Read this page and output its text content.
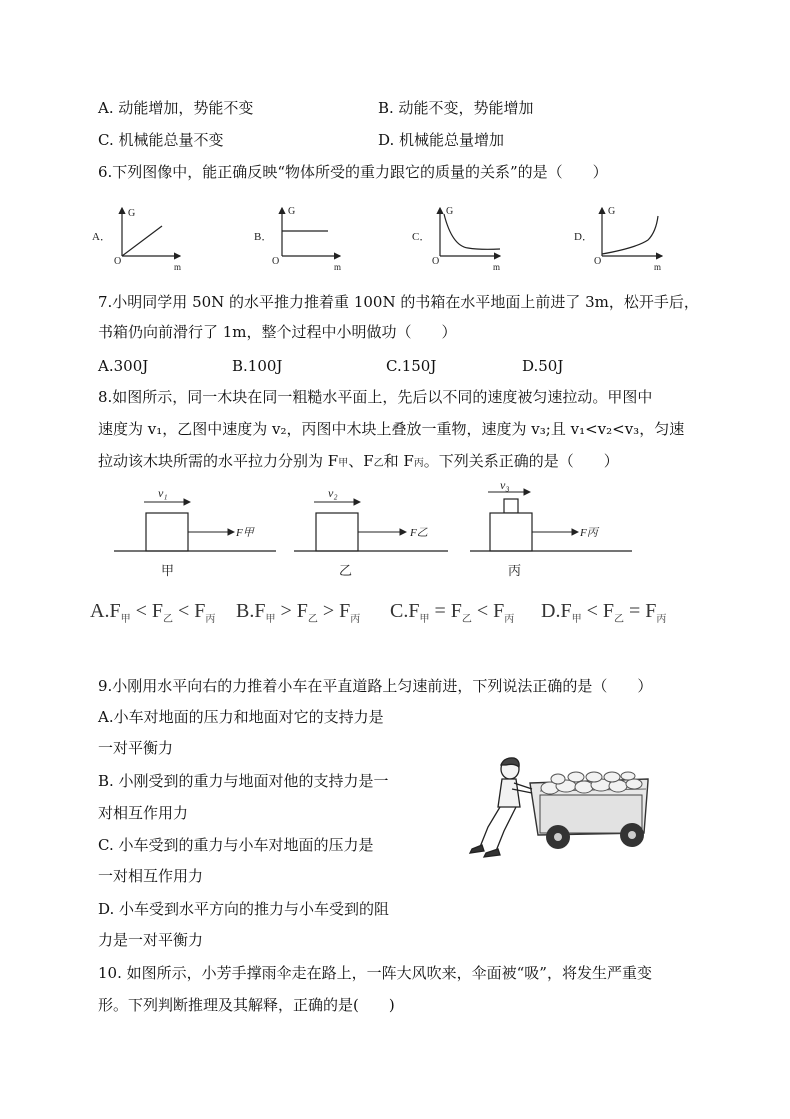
A. 动能增加，势能不变	B. 动能不变，势能增加
C. 机械能总量不变	D. 机械能总量增加
6.下列图像中，能正确反映“物体所受的重力跟它的质量的关系”的是（　　）
A．
G
O	m
B．
G
O	m
C．
G
O	m
D．
G
O	m
7.小明同学用 50N 的水平推力推着重 100N 的书箱在水平地面上前进了 3m，松开手后，
书箱仍向前滑行了 1m，整个过程中小明做功（　　）
A.300J	B.100J	C.150J	D.50J
8.如图所示，同一木块在同一粗糙水平面上，先后以不同的速度被匀速拉动。甲图中
速度为 v₁，乙图中速度为 v₂，丙图中木块上叠放一重物，速度为 v₃;且 v₁<v₂<v₃，匀速
拉动该木块所需的水平拉力分别为 F甲、F乙和 F丙。下列关系正确的是（　　）
v₁
F甲
甲
v₂
F乙
乙
v₃
F丙
丙
$A.F_甲 < F_乙 < F_丙$ $B.F_甲 > F_乙 > F_丙$ $C.F_甲 = F_乙 < F_丙$ $D.F_甲 < F_乙 = F_丙$
9.小刚用水平向右的力推着小车在平直道路上匀速前进，下列说法正确的是（　　）
A.小车对地面的压力和地面对它的支持力是
一对平衡力
B. 小刚受到的重力与地面对他的支持力是一
对相互作用力
C. 小车受到的重力与小车对地面的压力是
一对相互作用力
D. 小车受到水平方向的推力与小车受到的阻
力是一对平衡力
10. 如图所示，小芳手撑雨伞走在路上，一阵大风吹来，伞面被“吸”，将发生严重变
形。下列判断推理及其解释，正确的是(　　)
